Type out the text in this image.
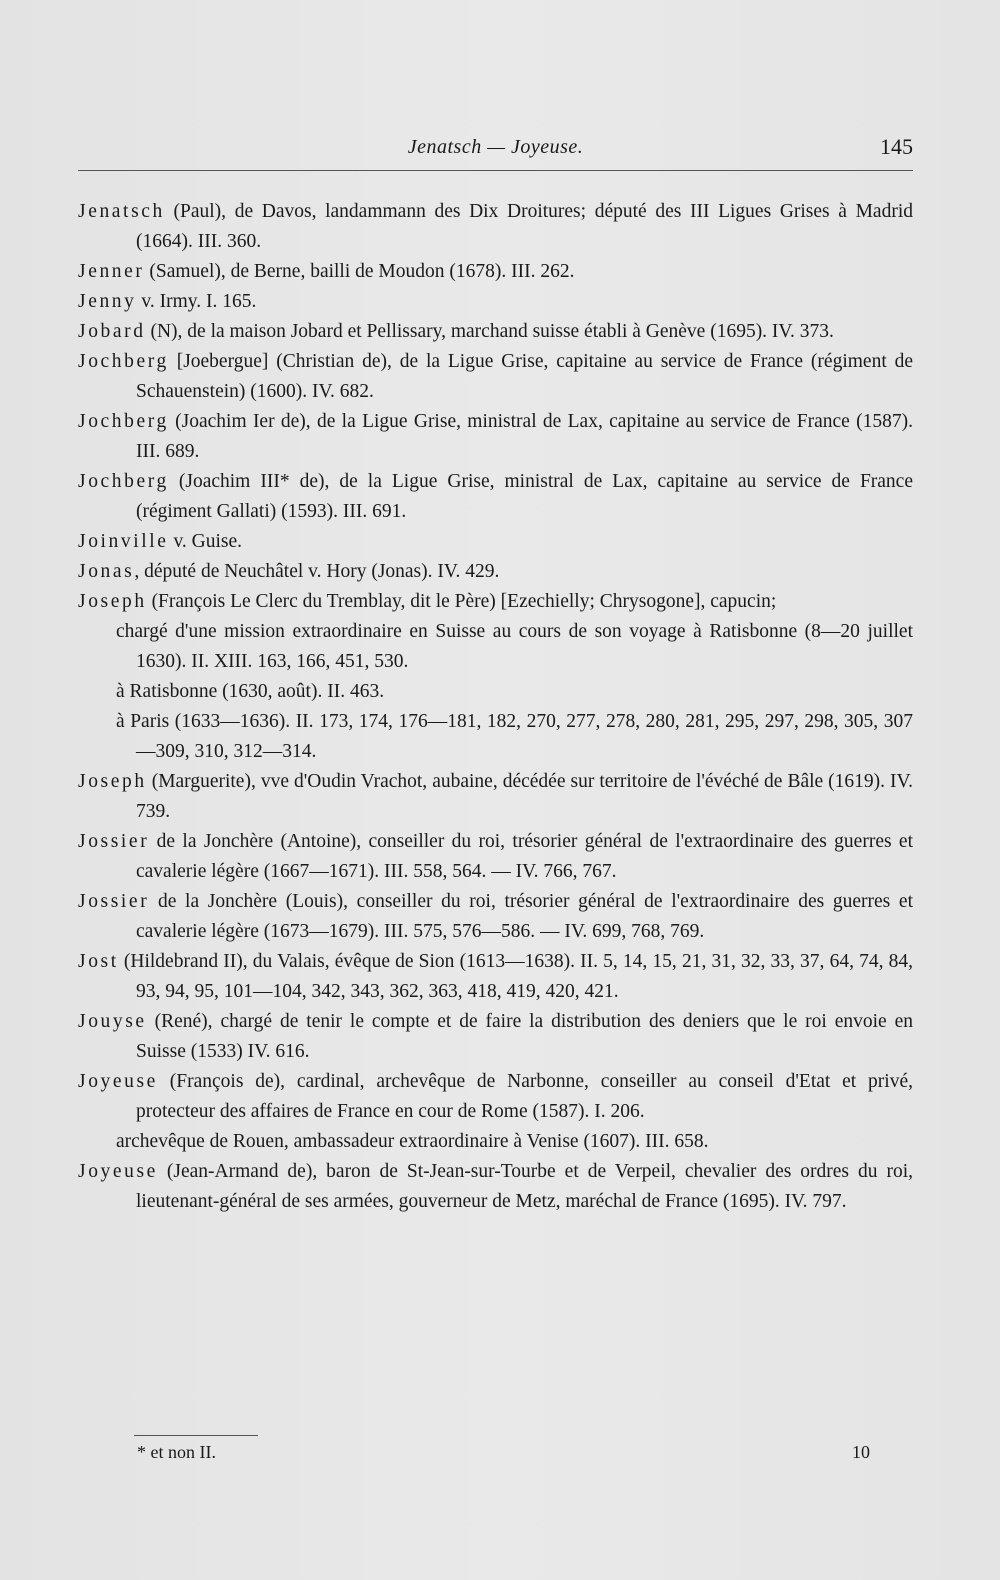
Jenatsch — Joyeuse.	145
Jenatsch (Paul), de Davos, landammann des Dix Droitures; député des III Ligues Grises à Madrid (1664). III. 360.
Jenner (Samuel), de Berne, bailli de Moudon (1678). III. 262.
Jenny v. Irmy. I. 165.
Jobard (N), de la maison Jobard et Pellissary, marchand suisse établi à Genève (1695). IV. 373.
Jochberg [Joebergue] (Christian de), de la Ligue Grise, capitaine au service de France (régiment de Schauenstein) (1600). IV. 682.
Jochberg (Joachim Ier de), de la Ligue Grise, ministral de Lax, capitaine au service de France (1587). III. 689.
Jochberg (Joachim III* de), de la Ligue Grise, ministral de Lax, capitaine au service de France (régiment Gallati) (1593). III. 691.
Joinville v. Guise.
Jonas, député de Neuchâtel v. Hory (Jonas). IV. 429.
Joseph (François Le Clerc du Tremblay, dit le Père) [Ezechielly; Chrysogone], capucin;
chargé d'une mission extraordinaire en Suisse au cours de son voyage à Ratisbonne (8—20 juillet 1630). II. XIII. 163, 166, 451, 530.
à Ratisbonne (1630, août). II. 463.
à Paris (1633—1636). II. 173, 174, 176—181, 182, 270, 277, 278, 280, 281, 295, 297, 298, 305, 307—309, 310, 312—314.
Joseph (Marguerite), vve d'Oudin Vrachot, aubaine, décédée sur territoire de l'évéché de Bâle (1619). IV. 739.
Jossier de la Jonchère (Antoine), conseiller du roi, trésorier général de l'extraordinaire des guerres et cavalerie légère (1667—1671). III. 558, 564. — IV. 766, 767.
Jossier de la Jonchère (Louis), conseiller du roi, trésorier général de l'extraordinaire des guerres et cavalerie légère (1673—1679). III. 575, 576—586. — IV. 699, 768, 769.
Jost (Hildebrand II), du Valais, évêque de Sion (1613—1638). II. 5, 14, 15, 21, 31, 32, 33, 37, 64, 74, 84, 93, 94, 95, 101—104, 342, 343, 362, 363, 418, 419, 420, 421.
Jouyse (René), chargé de tenir le compte et de faire la distribution des deniers que le roi envoie en Suisse (1533) IV. 616.
Joyeuse (François de), cardinal, archevêque de Narbonne, conseiller au conseil d'Etat et privé, protecteur des affaires de France en cour de Rome (1587). I. 206.
archevêque de Rouen, ambassadeur extraordinaire à Venise (1607). III. 658.
Joyeuse (Jean-Armand de), baron de St-Jean-sur-Tourbe et de Verpeil, chevalier des ordres du roi, lieutenant-général de ses armées, gouverneur de Metz, maréchal de France (1695). IV. 797.
* et non II.	10
